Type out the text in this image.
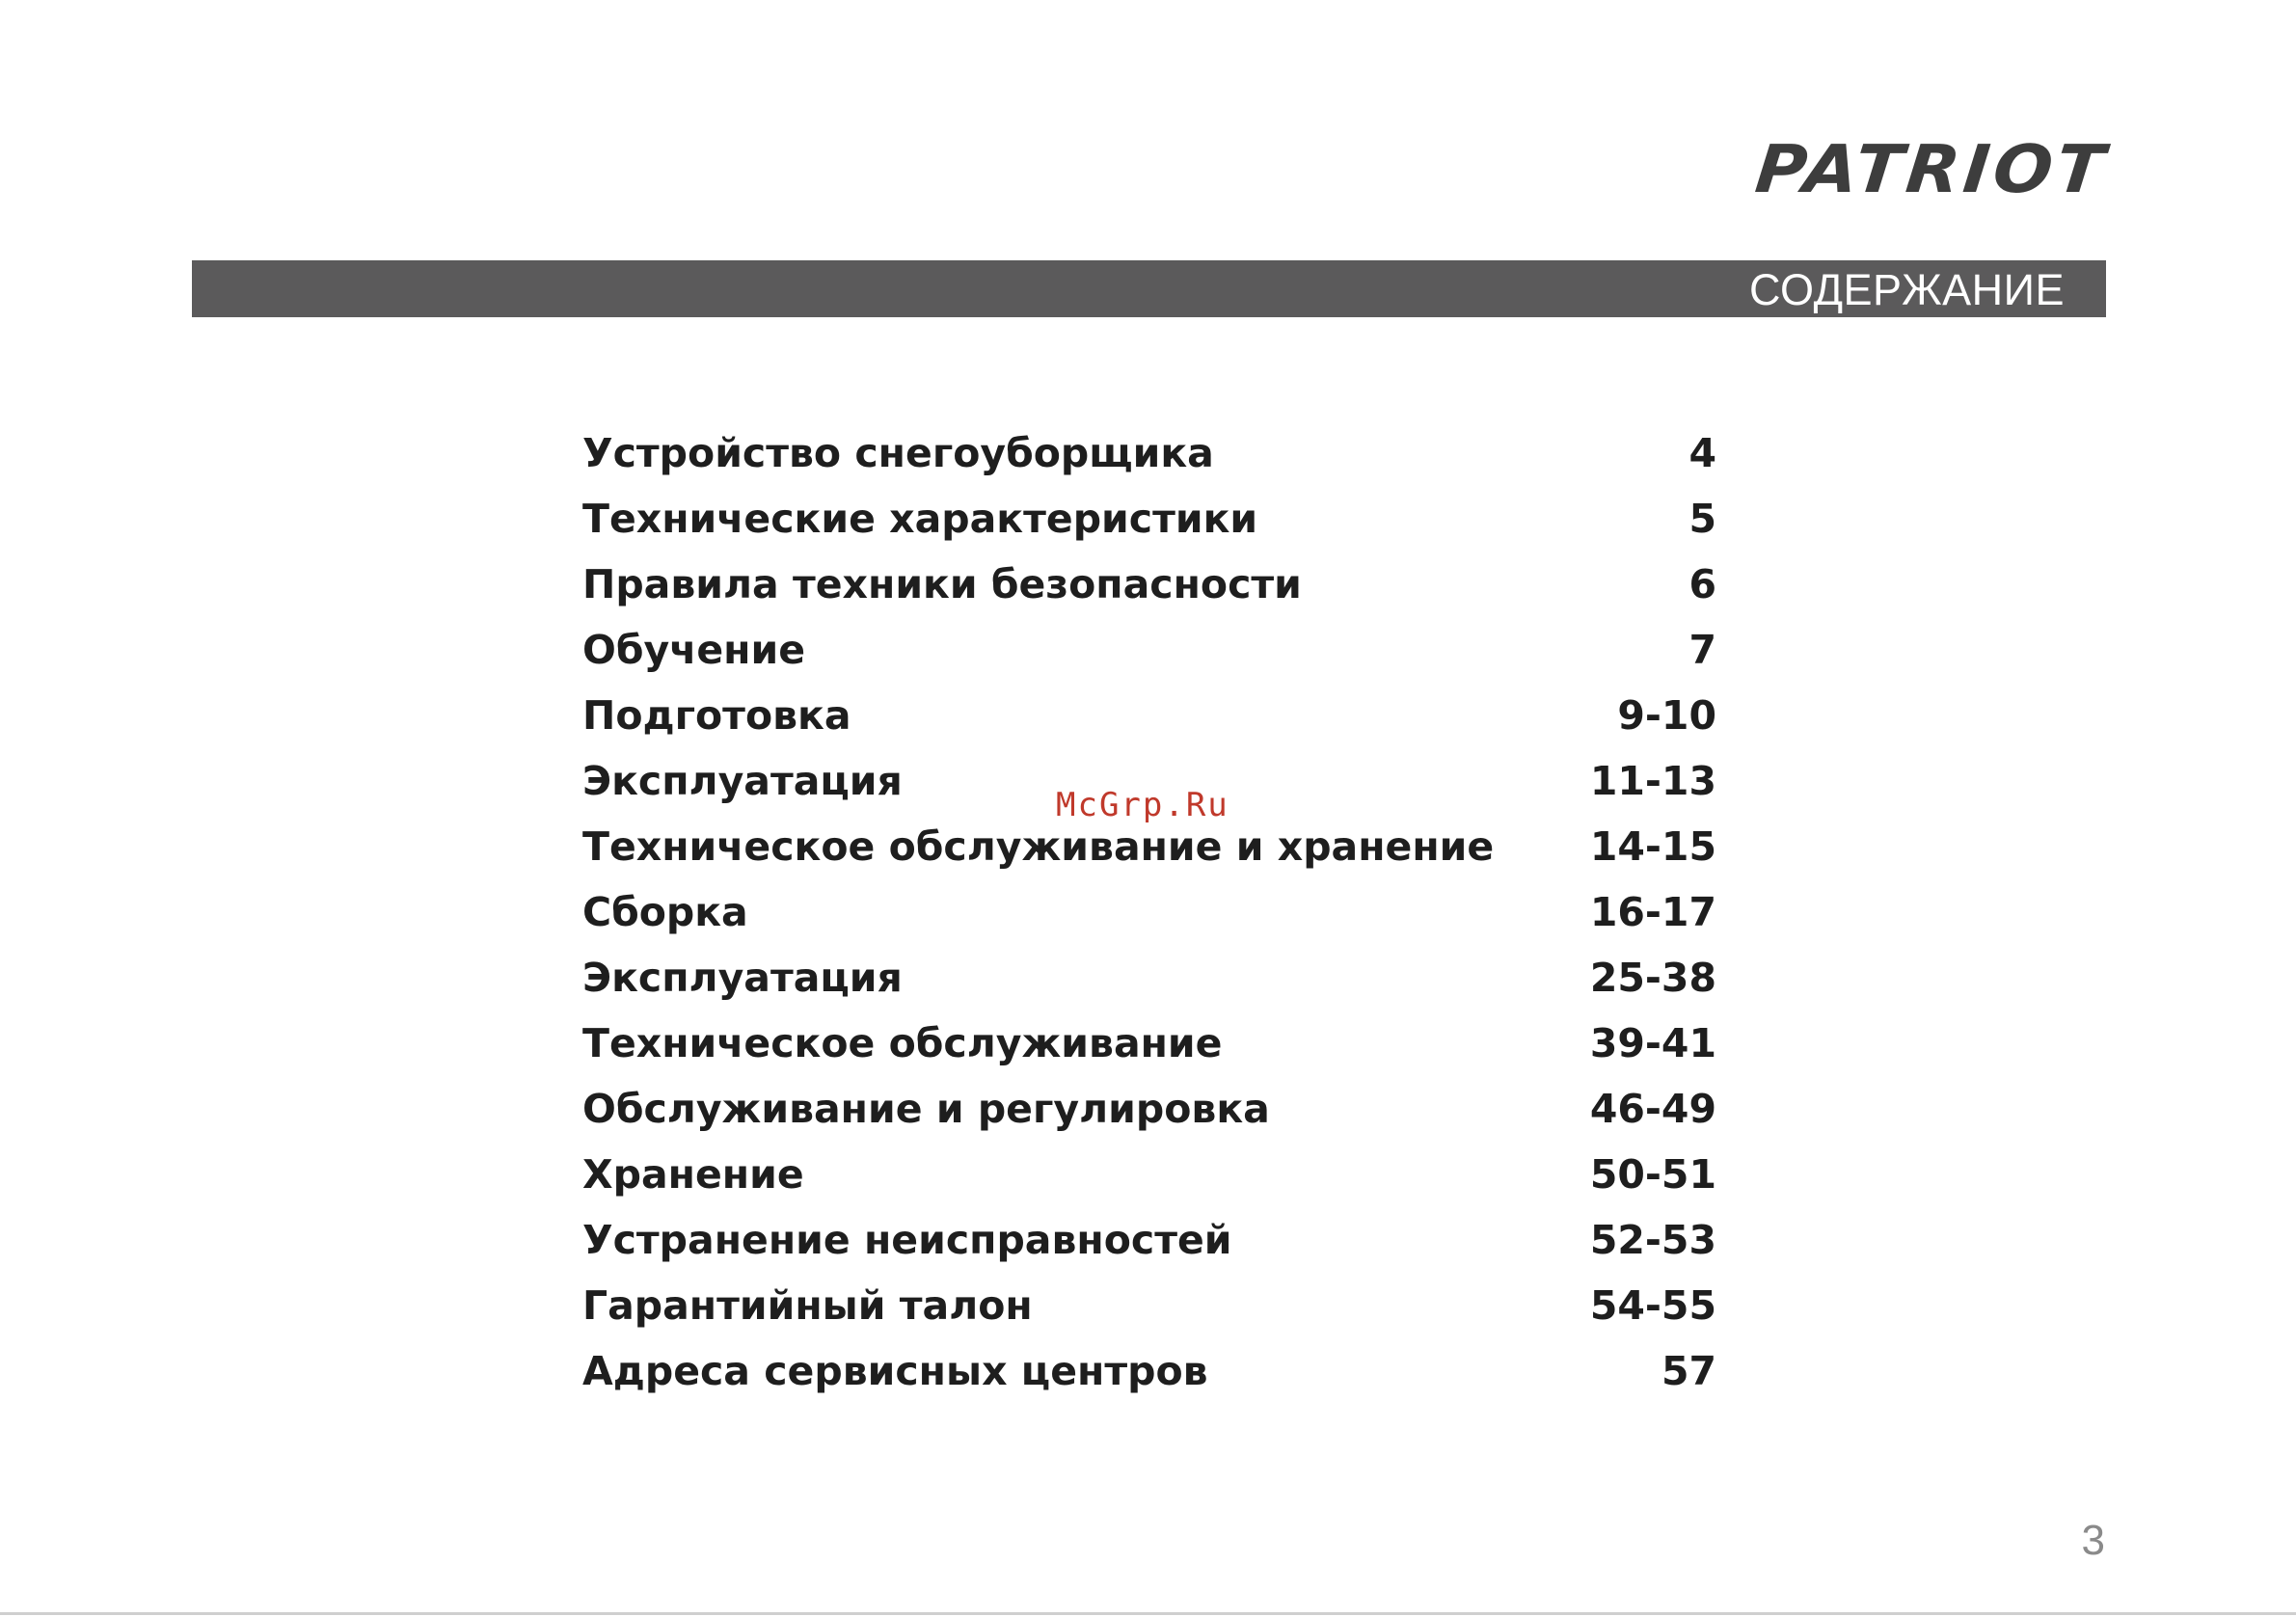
PATRIOT
СОДЕРЖАНИЕ
Устройство снегоуборщика	4
Технические характеристики	5
Правила техники безопасности	6
Обучение	7
Подготовка	9-10
Эксплуатация	11-13
Техническое обслуживание и хранение 14-15
Сборка	16-17
Эксплуатация	25-38
Техническое обслуживание	39-41
Обслуживание и регулировка	46-49
Хранение	50-51
Устранение неисправностей	52-53
Гарантийный талон	54-55
Адреса сервисных центров	57
McGrp.Ru
3
